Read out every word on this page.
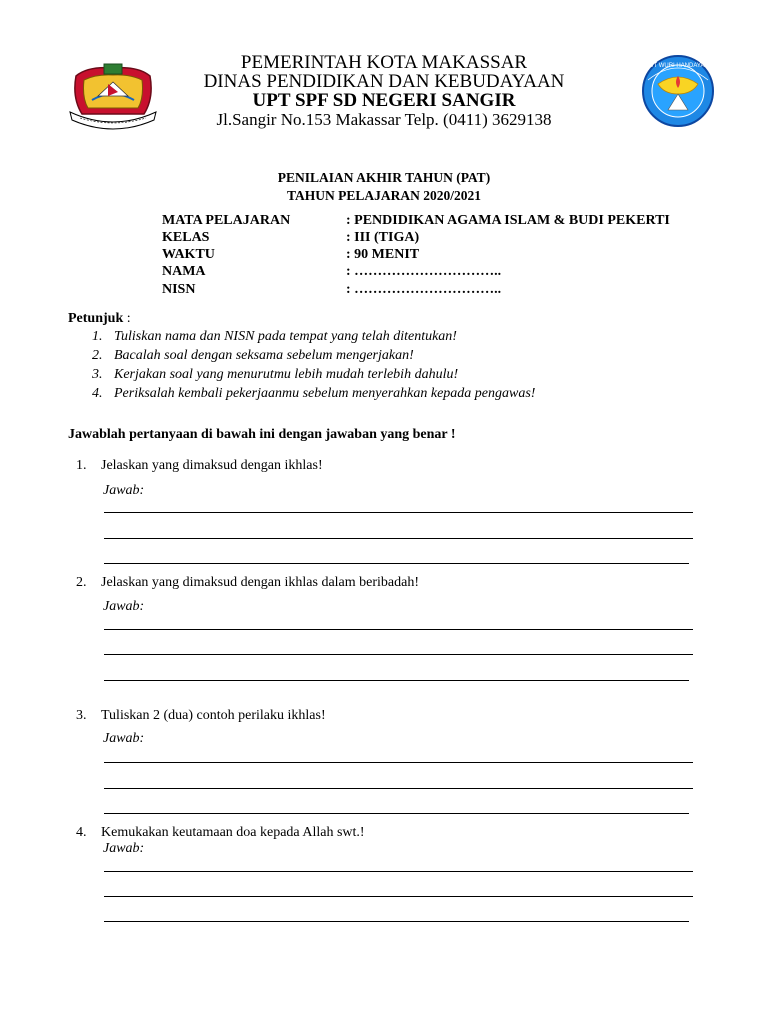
TUT WURI HANDAYANI
PEMERINTAH KOTA MAKASSAR
DINAS PENDIDIKAN DAN KEBUDAYAAN
UPT SPF SD NEGERI SANGIR
Jl.Sangir No.153 Makassar Telp. (0411) 3629138
PENILAIAN AKHIR TAHUN (PAT)
TAHUN PELAJARAN 2020/2021
MATA PELAJARAN	: PENDIDIKAN AGAMA ISLAM & BUDI PEKERTI
KELAS	: III (TIGA)
WAKTU	: 90 MENIT
NAMA	: …………………………..
NISN	: …………………………..
Petunjuk :
1. Tuliskan nama dan NISN pada tempat yang telah ditentukan!
2. Bacalah soal dengan seksama sebelum mengerjakan!
3. Kerjakan soal yang menurutmu lebih mudah terlebih dahulu!
4. Periksalah kembali pekerjaanmu sebelum menyerahkan kepada pengawas!
Jawablah pertanyaan di bawah ini dengan jawaban yang benar !
1. Jelaskan yang dimaksud dengan ikhlas!
Jawab:
2. Jelaskan yang dimaksud dengan ikhlas dalam beribadah!
Jawab:
3. Tuliskan 2 (dua) contoh perilaku ikhlas!
Jawab:
4. Kemukakan keutamaan doa kepada Allah swt.!
Jawab:
